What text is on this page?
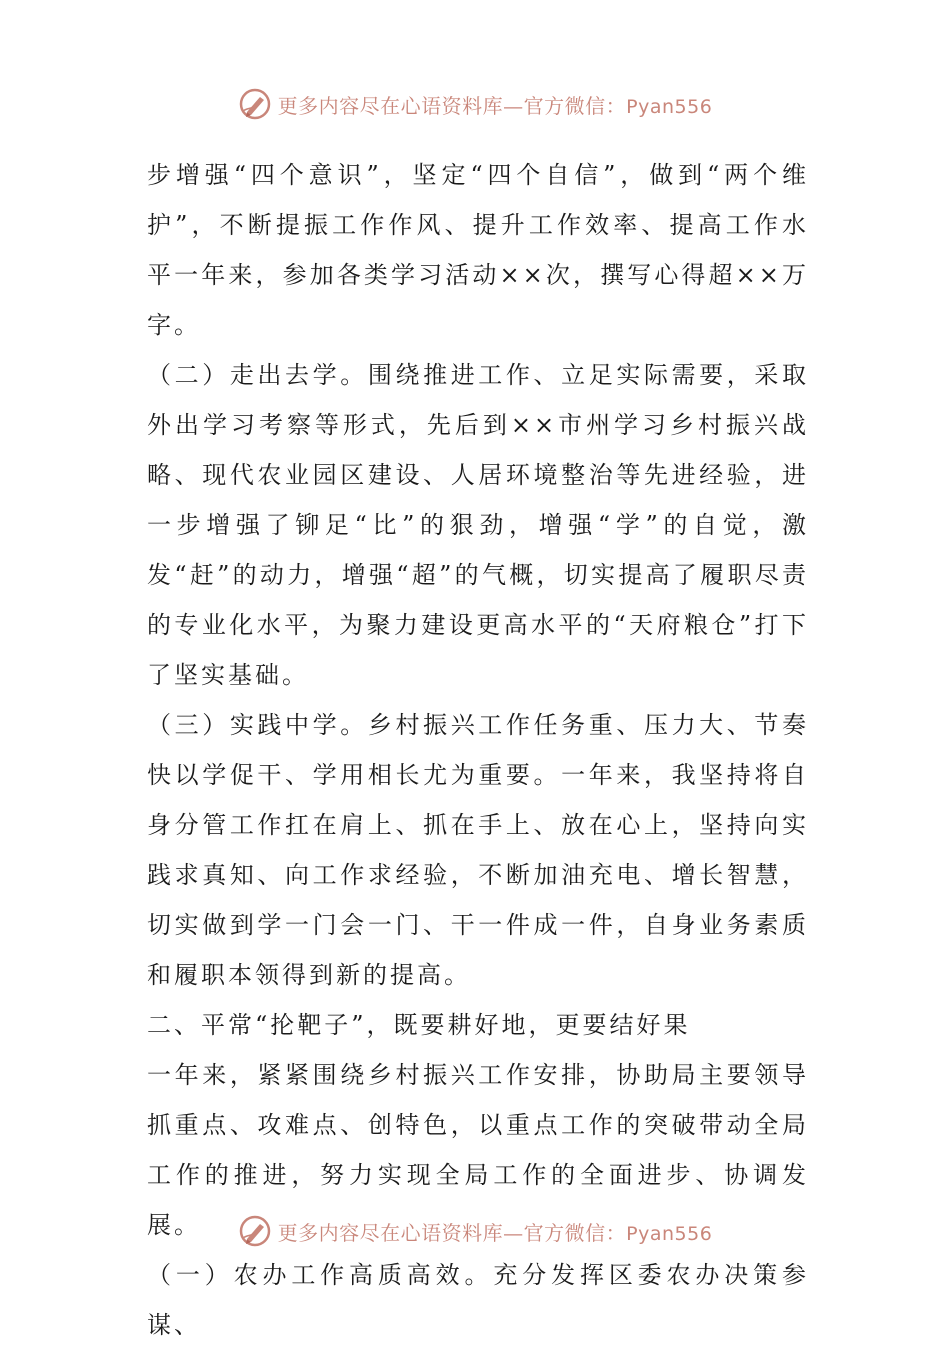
更多内容尽在心语资料库—官方微信：Pyan556

步增强“四个意识”，坚定“四个自信”，做到“两个维护”，不断提振工作作风、提升工作效率、提高工作水平一年来，参加各类学习活动××次，撰写心得超××万字。

（二）走出去学。围绕推进工作、立足实际需要，采取外出学习考察等形式，先后到××市州学习乡村振兴战略、现代农业园区建设、人居环境整治等先进经验，进一步增强了铆足“比”的狠劲，增强“学”的自觉，激发“赶”的动力，增强“超”的气概，切实提高了履职尽责的专业化水平，为聚力建设更高水平的“天府粮仓”打下了坚实基础。

（三）实践中学。乡村振兴工作任务重、压力大、节奏快以学促干、学用相长尤为重要。一年来，我坚持将自身分管工作扛在肩上、抓在手上、放在心上，坚持向实践求真知、向工作求经验，不断加油充电、增长智慧，切实做到学一门会一门、干一件成一件，自身业务素质和履职本领得到新的提高。

二、平常“抡靶子”，既要耕好地，更要结好果

一年来，紧紧围绕乡村振兴工作安排，协助局主要领导抓重点、攻难点、创特色，以重点工作的突破带动全局工作的推进，努力实现全局工作的全面进步、协调发展。

（一）农办工作高质高效。充分发挥区委农办决策参谋、

更多内容尽在心语资料库—官方微信：Pyan556
